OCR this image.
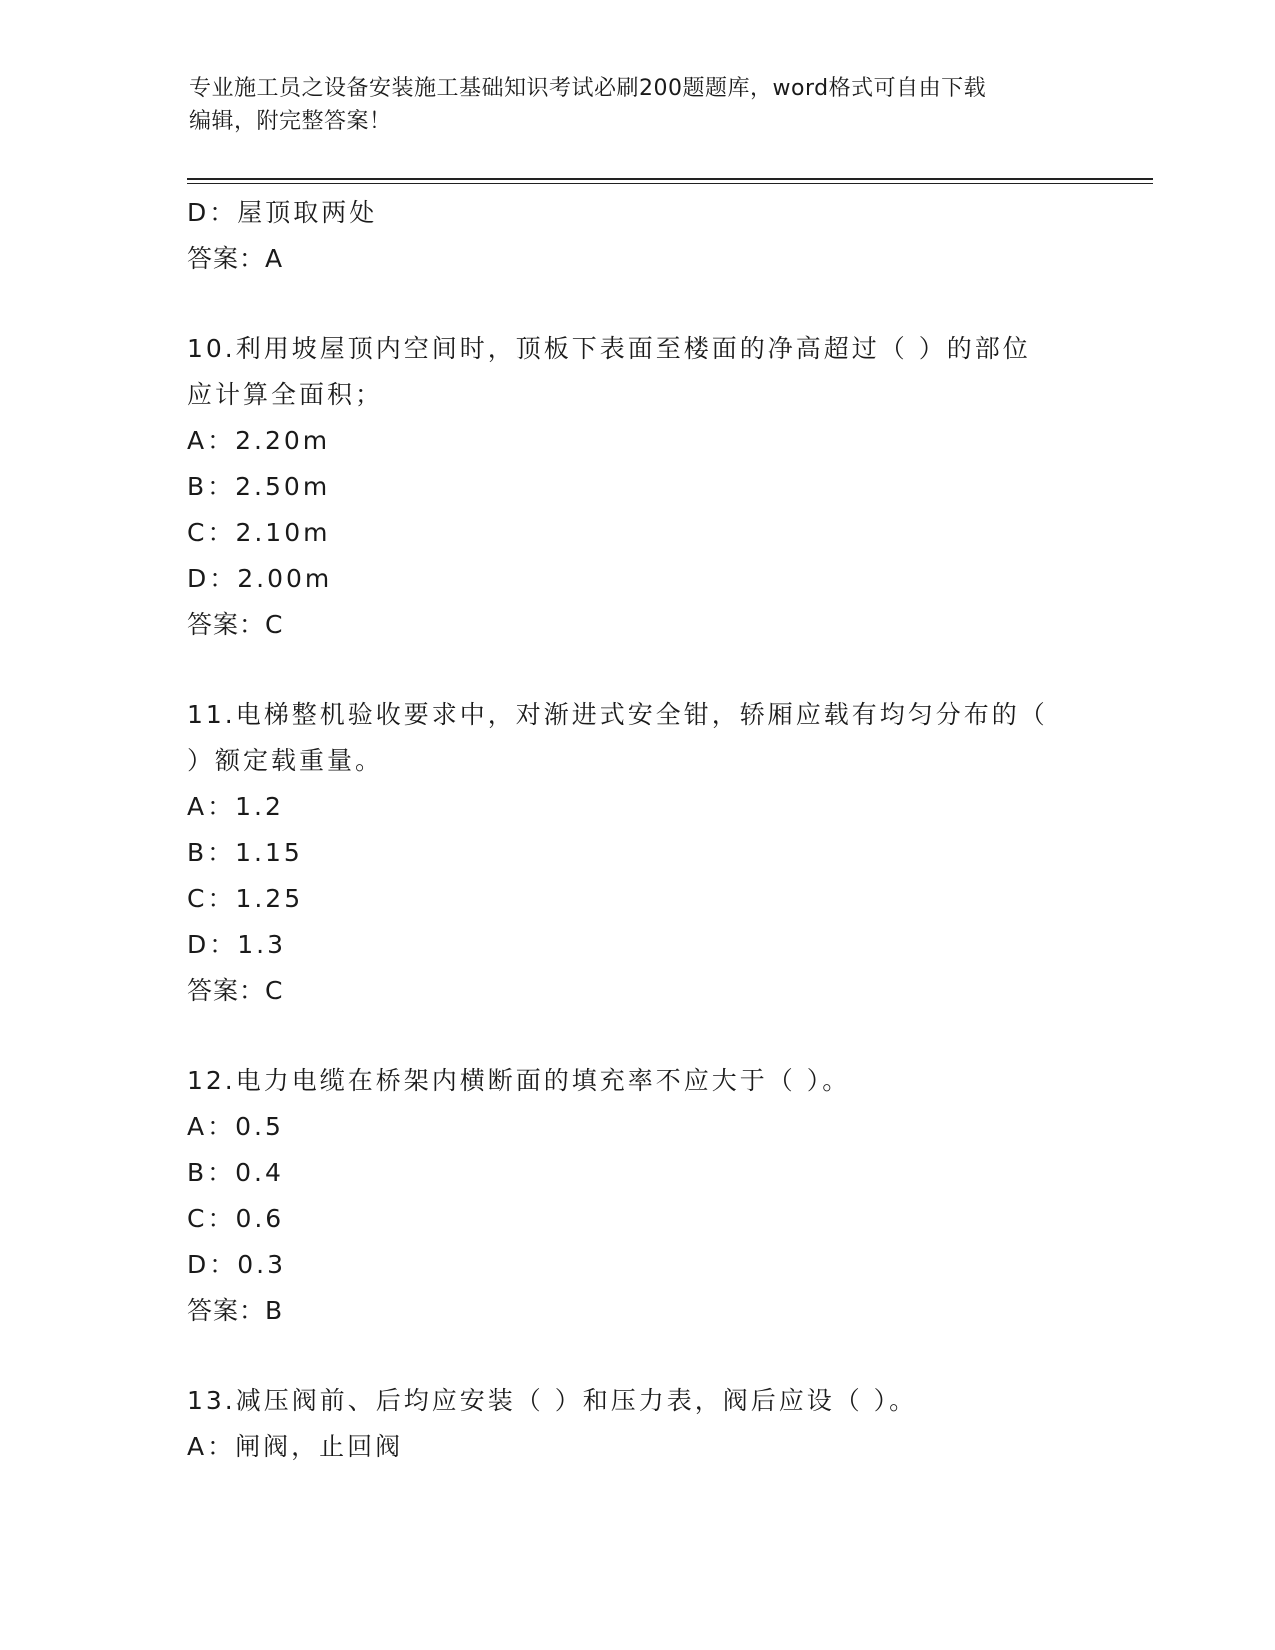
专业施工员之设备安装施工基础知识考试必刷200题题库，word格式可自由下载
编辑，附完整答案！
D：屋顶取两处
答案：A
10.利用坡屋顶内空间时，顶板下表面至楼面的净高超过（ ）的部位
应计算全面积；
A：2.20m
B：2.50m
C：2.10m
D：2.00m
答案：C
11.电梯整机验收要求中，对渐进式安全钳，轿厢应载有均匀分布的（
）额定载重量。
A：1.2
B：1.15
C：1.25
D：1.3
答案：C
12.电力电缆在桥架内横断面的填充率不应大于（ ）。
A：0.5
B：0.4
C：0.6
D：0.3
答案：B
13.减压阀前、后均应安装（ ）和压力表，阀后应设（ ）。
A：闸阀，止回阀
